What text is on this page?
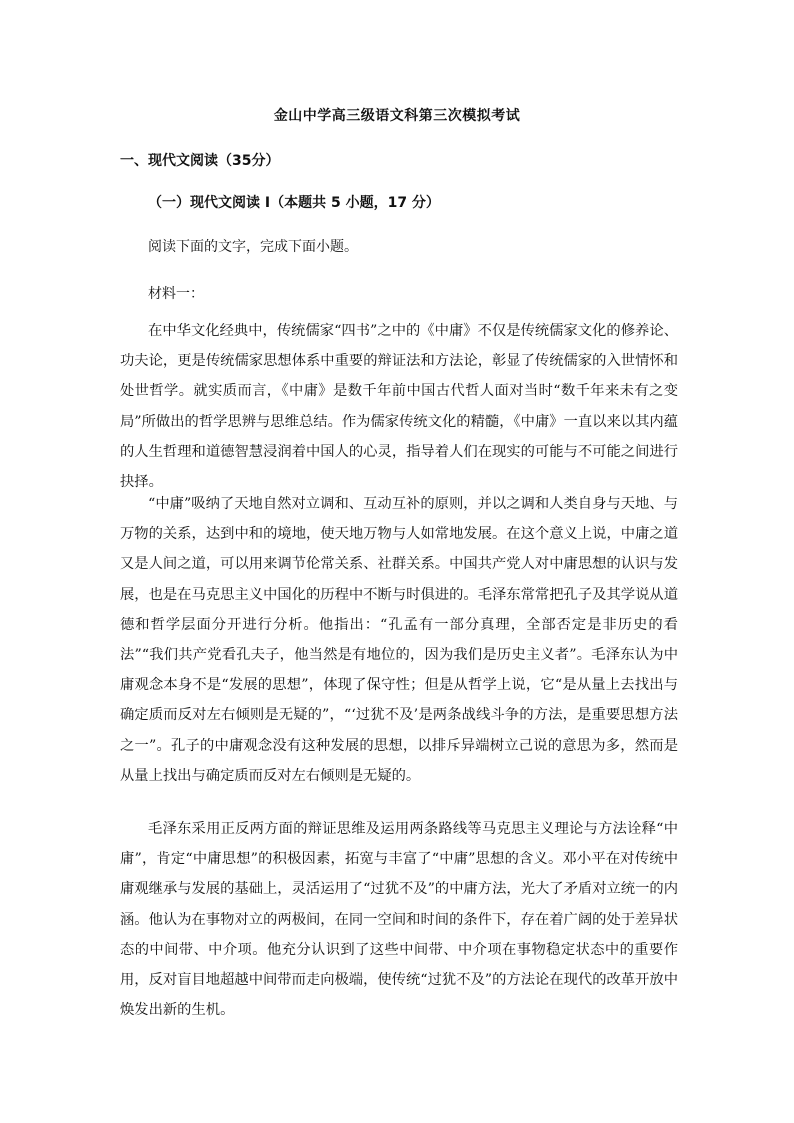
金山中学高三级语文科第三次模拟考试
一、现代文阅读（35分）
（一）现代文阅读 I（本题共 5 小题，17 分）
阅读下面的文字，完成下面小题。
材料一：

在中华文化经典中，传统儒家“四书”之中的《中庸》不仅是传统儒家文化的修养论、功夫论，更是传统儒家思想体系中重要的辩证法和方法论，彰显了传统儒家的入世情怀和处世哲学。就实质而言，《中庸》是数千年前中国古代哲人面对当时“数千年来未有之变局”所做出的哲学思辨与思维总结。作为儒家传统文化的精髓，《中庸》一直以来以其内蕴的人生哲理和道德智慧浸润着中国人的心灵，指导着人们在现实的可能与不可能之间进行抉择。

“中庸”吸纳了天地自然对立调和、互动互补的原则，并以之调和人类自身与天地、与万物的关系，达到中和的境地，使天地万物与人如常地发展。在这个意义上说，中庸之道又是人间之道，可以用来调节伦常关系、社群关系。中国共产党人对中庸思想的认识与发展，也是在马克思主义中国化的历程中不断与时俱进的。毛泽东常常把孔子及其学说从道德和哲学层面分开进行分析。他指出：“孔孟有一部分真理，全部否定是非历史的看法”“我们共产党看孔夫子，他当然是有地位的，因为我们是历史主义者”。毛泽东认为中庸观念本身不是“发展的思想”，体现了保守性；但是从哲学上说，它“是从量上去找出与确定质而反对左右倾则是无疑的”，“‘过犹不及’是两条战线斗争的方法，是重要思想方法之一”。孔子的中庸观念没有这种发展的思想，以排斥异端树立己说的意思为多，然而是从量上找出与确定质而反对左右倾则是无疑的。

毛泽东采用正反两方面的辩证思维及运用两条路线等马克思主义理论与方法诠释“中庸”，肯定“中庸思想”的积极因素，拓宽与丰富了“中庸”思想的含义。邓小平在对传统中庸观继承与发展的基础上，灵活运用了“过犹不及”的中庸方法，光大了矛盾对立统一的内涵。他认为在事物对立的两极间，在同一空间和时间的条件下，存在着广阔的处于差异状态的中间带、中介项。他充分认识到了这些中间带、中介项在事物稳定状态中的重要作用，反对盲目地超越中间带而走向极端，使传统“过犹不及”的方法论在现代的改革开放中焕发出新的生机。
